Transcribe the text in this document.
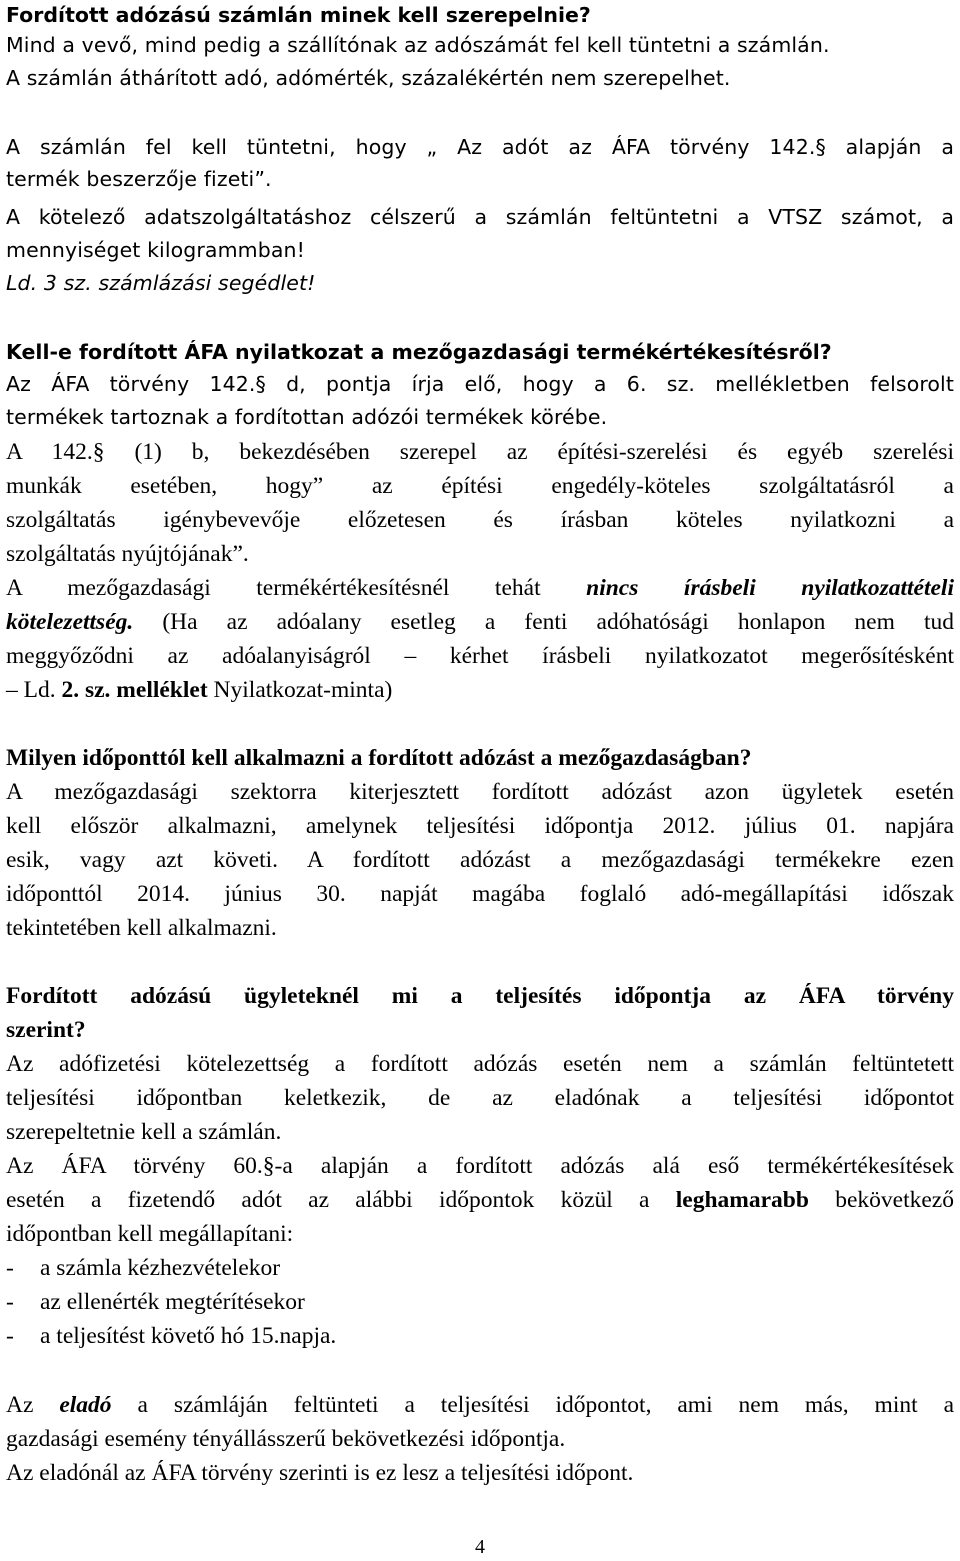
Fordított adózású számlán minek kell szerepelnie?
Mind a vevő, mind pedig a szállítónak az adószámát fel kell tüntetni a számlán.
A számlán áthárított adó, adómérték, százalékértén nem szerepelhet.
A számlán fel kell tüntetni, hogy „ Az adót az ÁFA törvény 142.§ alapján a
termék beszerzője fizeti”.
A kötelező adatszolgáltatáshoz célszerű a számlán feltüntetni a VTSZ számot, a
mennyiséget kilogrammban!
Ld. 3 sz. számlázási segédlet!
Kell-e fordított ÁFA nyilatkozat a mezőgazdasági termékértékesítésről?
Az ÁFA törvény 142.§ d, pontja írja elő, hogy a 6. sz. mellékletben felsorolt
termékek tartoznak a fordítottan adózói termékek körébe.
A 142.§ (1) b, bekezdésében szerepel az építési-szerelési és egyéb szerelési
munkák esetében, hogy” az építési engedély-köteles szolgáltatásról a
szolgáltatás igénybevevője előzetesen és írásban köteles nyilatkozni a
szolgáltatás nyújtójának”.
A mezőgazdasági termékértékesítésnél tehát nincs írásbeli nyilatkozattételi
kötelezettség. (Ha az adóalany esetleg a fenti adóhatósági honlapon nem tud
meggyőződni az adóalanyiságról – kérhet írásbeli nyilatkozatot megerősítésként
– Ld. 2. sz. melléklet Nyilatkozat-minta)
Milyen időponttól kell alkalmazni a fordított adózást a mezőgazdaságban?
A mezőgazdasági szektorra kiterjesztett fordított adózást azon ügyletek esetén
kell először alkalmazni, amelynek teljesítési időpontja 2012. július 01. napjára
esik, vagy azt követi. A fordított adózást a mezőgazdasági termékekre ezen
időponttól 2014. június 30. napját magába foglaló adó-megállapítási időszak
tekintetében kell alkalmazni.
Fordított adózású ügyleteknél mi a teljesítés időpontja az ÁFA törvény
szerint?
Az adófizetési kötelezettség a fordított adózás esetén nem a számlán feltüntetett
teljesítési időpontban keletkezik, de az eladónak a teljesítési időpontot
szerepeltetnie kell a számlán.
Az ÁFA törvény 60.§-a alapján a fordított adózás alá eső termékértékesítések
esetén a fizetendő adót az alábbi időpontok közül a leghamarabb bekövetkező
időpontban kell megállapítani:
- a számla kézhezvételekor
- az ellenérték megtérítésekor
- a teljesítést követő hó 15.napja.
Az eladó a számláján feltünteti a teljesítési időpontot, ami nem más, mint a
gazdasági esemény tényállásszerű bekövetkezési időpontja.
Az eladónál az ÁFA törvény szerinti is ez lesz a teljesítési időpont.
4
